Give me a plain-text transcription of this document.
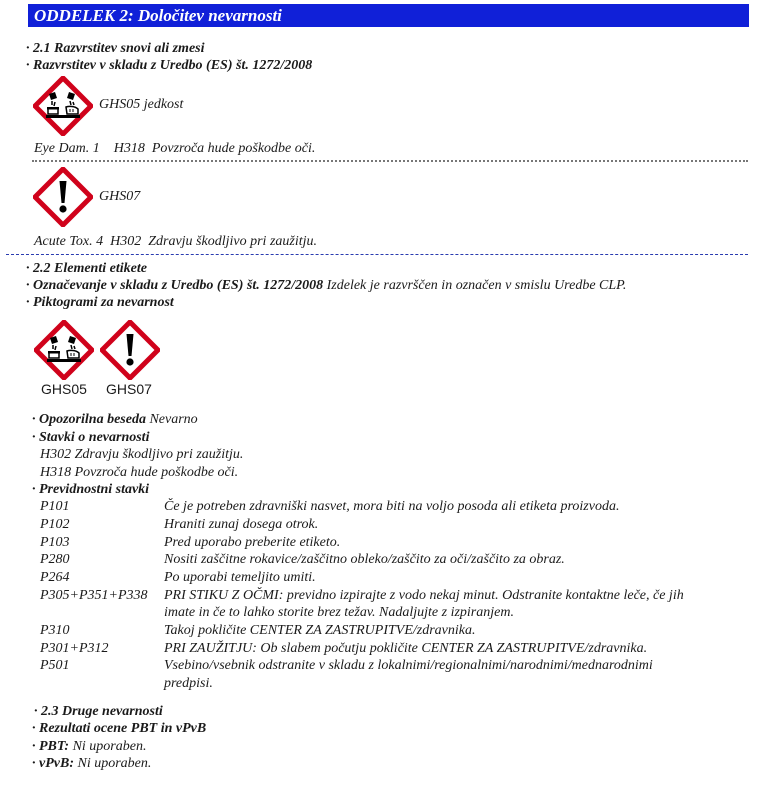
ODDELEK 2: Določitev nevarnosti
· 2.1 Razvrstitev snovi ali zmesi
· Razvrstitev v skladu z Uredbo (ES) št. 1272/2008
GHS05 jedkost
Eye Dam. 1 H318 Povzroča hude poškodbe oči.
GHS07
Acute Tox. 4 H302 Zdravju škodljivo pri zaužitju.
· 2.2 Elementi etikete
· Označevanje v skladu z Uredbo (ES) št. 1272/2008 Izdelek je razvrščen in označen v smislu Uredbe CLP.
· Piktogrami za nevarnost
GHS05 GHS07
· Opozorilna beseda Nevarno
· Stavki o nevarnosti
H302 Zdravju škodljivo pri zaužitju.
H318 Povzroča hude poškodbe oči.
· Previdnostni stavki
P101	Če je potreben zdravniški nasvet, mora biti na voljo posoda ali etiketa proizvoda.
P102	Hraniti zunaj dosega otrok.
P103	Pred uporabo preberite etiketo.
P280	Nositi zaščitne rokavice/zaščitno obleko/zaščito za oči/zaščito za obraz.
P264	Po uporabi temeljito umiti.
P305+P351+P338 PRI STIKU Z OČMI: previdno izpirajte z vodo nekaj minut. Odstranite kontaktne leče, če jih
imate in če to lahko storite brez težav. Nadaljujte z izpiranjem.
P310	Takoj pokličite CENTER ZA ZASTRUPITVE/zdravnika.
P301+P312	PRI ZAUŽITJU: Ob slabem počutju pokličite CENTER ZA ZASTRUPITVE/zdravnika.
P501	Vsebino/vsebnik odstranite v skladu z lokalnimi/regionalnimi/narodnimi/mednarodnimi
predpisi.
· 2.3 Druge nevarnosti
· Rezultati ocene PBT in vPvB
· PBT: Ni uporaben.
· vPvB: Ni uporaben.
